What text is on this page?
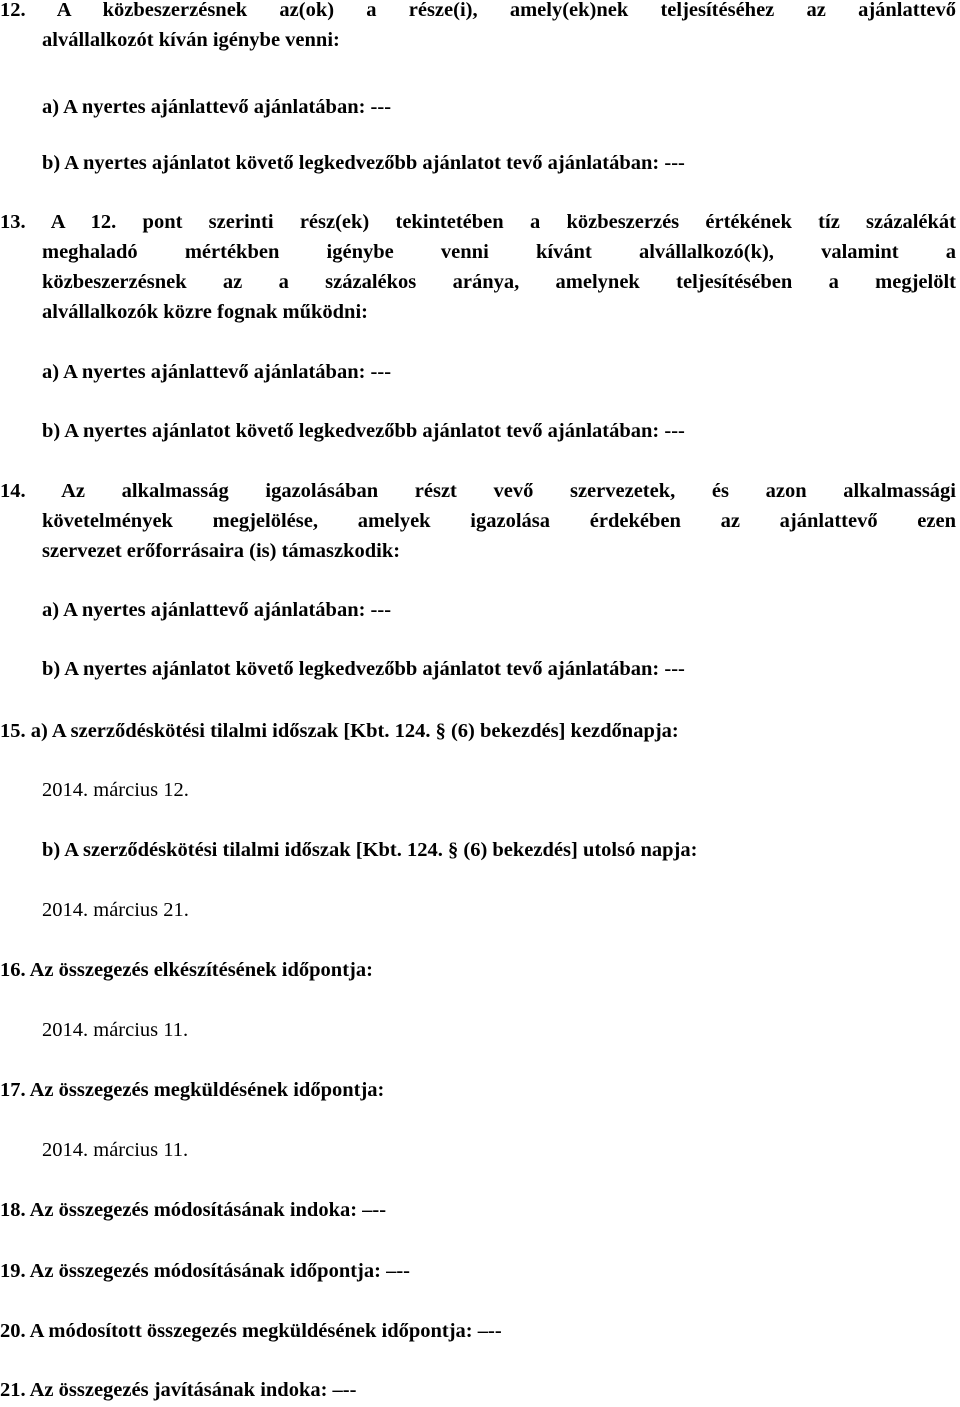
12. A közbeszerzésnek az(ok) a része(i), amely(ek)nek teljesítéséhez az ajánlattevő
alvállalkozót kíván igénybe venni:
a) A nyertes ajánlattevő ajánlatában: ---
b) A nyertes ajánlatot követő legkedvezőbb ajánlatot tevő ajánlatában: ---
13. A 12. pont szerinti rész(ek) tekintetében a közbeszerzés értékének tíz százalékát
meghaladó mértékben igénybe venni kívánt alvállalkozó(k), valamint a
közbeszerzésnek az a százalékos aránya, amelynek teljesítésében a megjelölt
alvállalkozók közre fognak működni:
a) A nyertes ajánlattevő ajánlatában: ---
b) A nyertes ajánlatot követő legkedvezőbb ajánlatot tevő ajánlatában: ---
14. Az alkalmasság igazolásában részt vevő szervezetek, és azon alkalmassági
követelmények megjelölése, amelyek igazolása érdekében az ajánlattevő ezen
szervezet erőforrásaira (is) támaszkodik:
a) A nyertes ajánlattevő ajánlatában: ---
b) A nyertes ajánlatot követő legkedvezőbb ajánlatot tevő ajánlatában: ---
15. a) A szerződéskötési tilalmi időszak [Kbt. 124. § (6) bekezdés] kezdőnapja:
2014. március 12.
b) A szerződéskötési tilalmi időszak [Kbt. 124. § (6) bekezdés] utolsó napja:
2014. március 21.
16. Az összegezés elkészítésének időpontja:
2014. március 11.
17. Az összegezés megküldésének időpontja:
2014. március 11.
18. Az összegezés módosításának indoka: –--
19. Az összegezés módosításának időpontja: –--
20. A módosított összegezés megküldésének időpontja: –--
21. Az összegezés javításának indoka: –--
